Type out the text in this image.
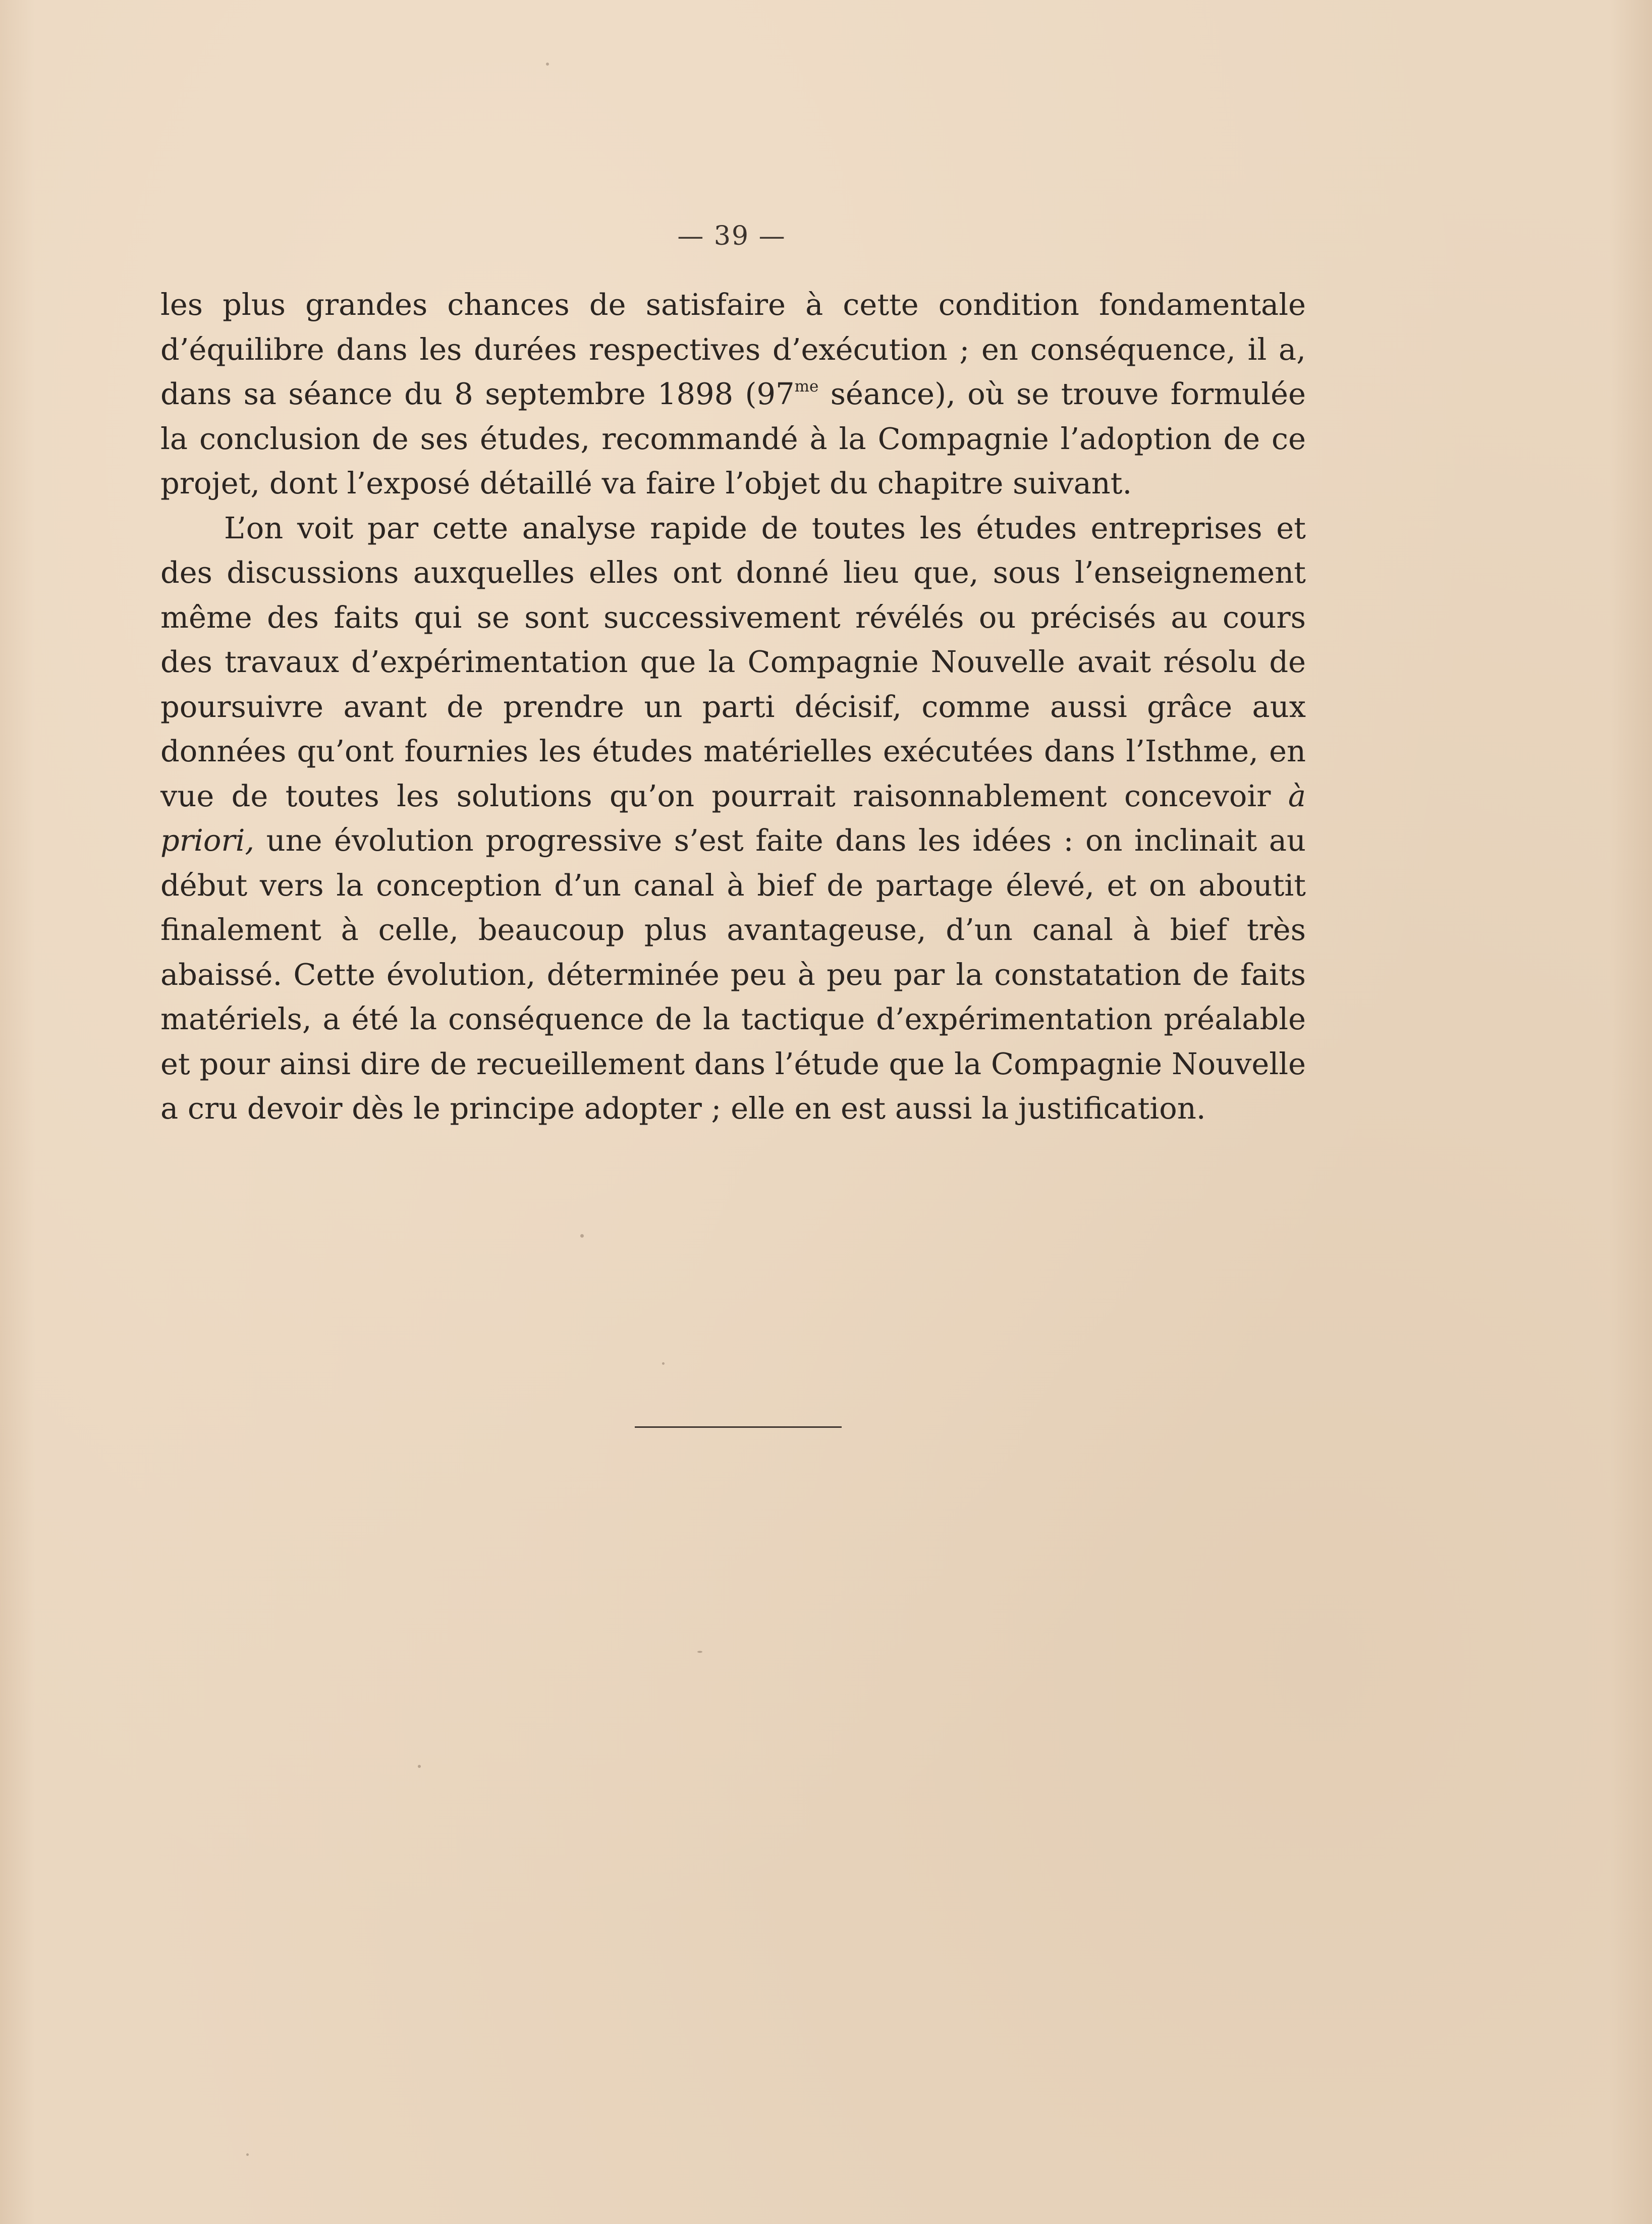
— 39 —

les plus grandes chances de satisfaire à cette condition fondamentale d’équilibre dans les durées respectives d’exécution ; en conséquence, il a, dans sa séance du 8 septembre 1898 ($97^{me}$ séance), où se trouve formulée la conclusion de ses études, recommandé à la Compagnie l’adoption de ce projet, dont l’exposé détaillé va faire l’objet du chapitre suivant.

L’on voit par cette analyse rapide de toutes les études entreprises et des discussions auxquelles elles ont donné lieu que, sous l’enseignement même des faits qui se sont successivement révélés ou précisés au cours des travaux d’expérimentation que la Compagnie Nouvelle avait résolu de poursuivre avant de prendre un parti décisif, comme aussi grâce aux données qu’ont fournies les études matérielles exécutées dans l’Isthme, en vue de toutes les solutions qu’on pourrait raisonnablement concevoir à priori, une évolution progressive s’est faite dans les idées : on inclinait au début vers la conception d’un canal à bief de partage élevé, et on aboutit finalement à celle, beaucoup plus avantageuse, d’un canal à bief très abaissé. Cette évolution, déterminée peu à peu par la constatation de faits matériels, a été la conséquence de la tactique d’expérimentation préalable et pour ainsi dire de recueillement dans l’étude que la Compagnie Nouvelle a cru devoir dès le principe adopter ; elle en est aussi la justification.
